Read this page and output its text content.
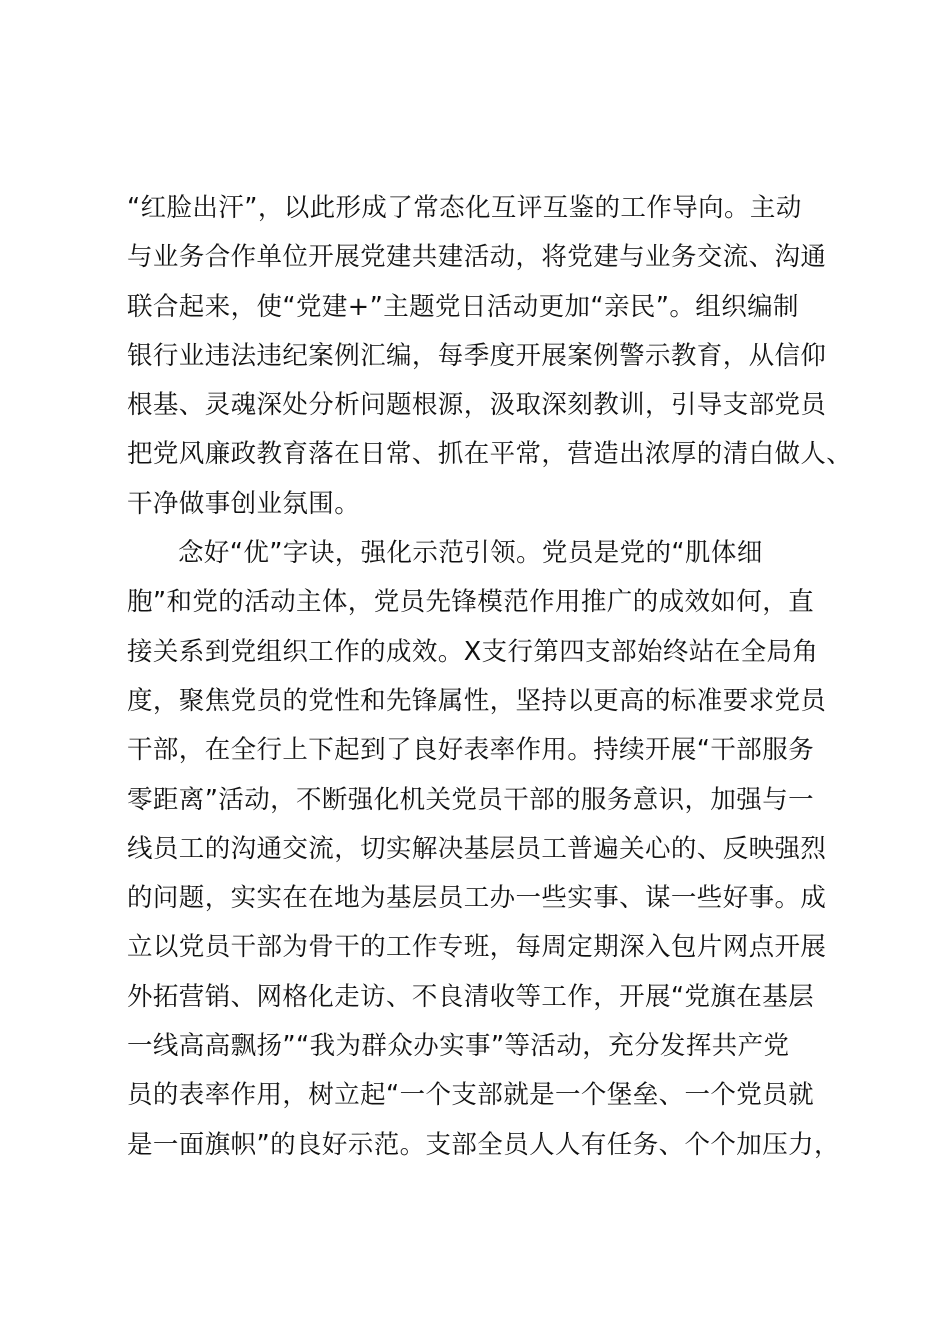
“红脸出汗”，以此形成了常态化互评互鉴的工作导向。主动
与业务合作单位开展党建共建活动，将党建与业务交流、沟通
联合起来，使“党建+”主题党日活动更加“亲民”。组织编制
银行业违法违纪案例汇编，每季度开展案例警示教育，从信仰
根基、灵魂深处分析问题根源，汲取深刻教训，引导支部党员
把党风廉政教育落在日常、抓在平常，营造出浓厚的清白做人、
干净做事创业氛围。
念好“优”字诀，强化示范引领。党员是党的“肌体细
胞”和党的活动主体，党员先锋模范作用推广的成效如何，直
接关系到党组织工作的成效。X支行第四支部始终站在全局角
度，聚焦党员的党性和先锋属性，坚持以更高的标准要求党员
干部，在全行上下起到了良好表率作用。持续开展“干部服务
零距离”活动，不断强化机关党员干部的服务意识，加强与一
线员工的沟通交流，切实解决基层员工普遍关心的、反映强烈
的问题，实实在在地为基层员工办一些实事、谋一些好事。成
立以党员干部为骨干的工作专班，每周定期深入包片网点开展
外拓营销、网格化走访、不良清收等工作，开展“党旗在基层
一线高高飘扬”“我为群众办实事”等活动，充分发挥共产党
员的表率作用，树立起“一个支部就是一个堡垒、一个党员就
是一面旗帜”的良好示范。支部全员人人有任务、个个加压力，
